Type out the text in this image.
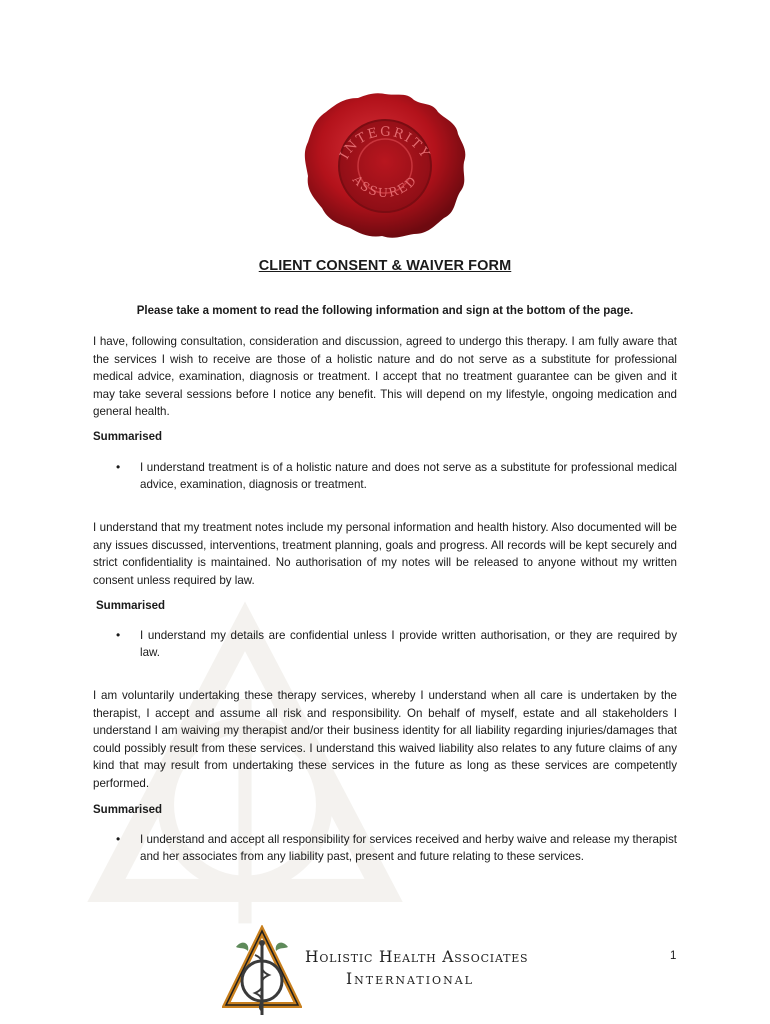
INTEGRITY
ASSURED
CLIENT CONSENT & WAIVER FORM
Please take a moment to read the following information and sign at the bottom of the page.

I have, following consultation, consideration and discussion, agreed to undergo this therapy. I am fully aware that the services I wish to receive are those of a holistic nature and do not serve as a substitute for professional medical advice, examination, diagnosis or treatment. I accept that no treatment guarantee can be given and it may take several sessions before I notice any benefit. This will depend on my lifestyle, ongoing medication and general health.

Summarised
• I understand treatment is of a holistic nature and does not serve as a substitute for professional medical advice, examination, diagnosis or treatment.

I understand that my treatment notes include my personal information and health history. Also documented will be any issues discussed, interventions, treatment planning, goals and progress. All records will be kept securely and strict confidentiality is maintained. No authorisation of my notes will be released to anyone without my written consent unless required by law.

Summarised
• I understand my details are confidential unless I provide written authorisation, or they are required by law.

I am voluntarily undertaking these therapy services, whereby I understand when all care is undertaken by the therapist, I accept and assume all risk and responsibility. On behalf of myself, estate and all stakeholders I understand I am waiving my therapist and/or their business identity for all liability regarding injuries/damages that could possibly result from these services. I understand this waived liability also relates to any future claims of any kind that may result from undertaking these services in the future as long as these services are competently performed.

Summarised
• I understand and accept all responsibility for services received and herby waive and release my therapist and her associates from any liability past, present and future relating to these services.
Holistic Health Associates
International
1
